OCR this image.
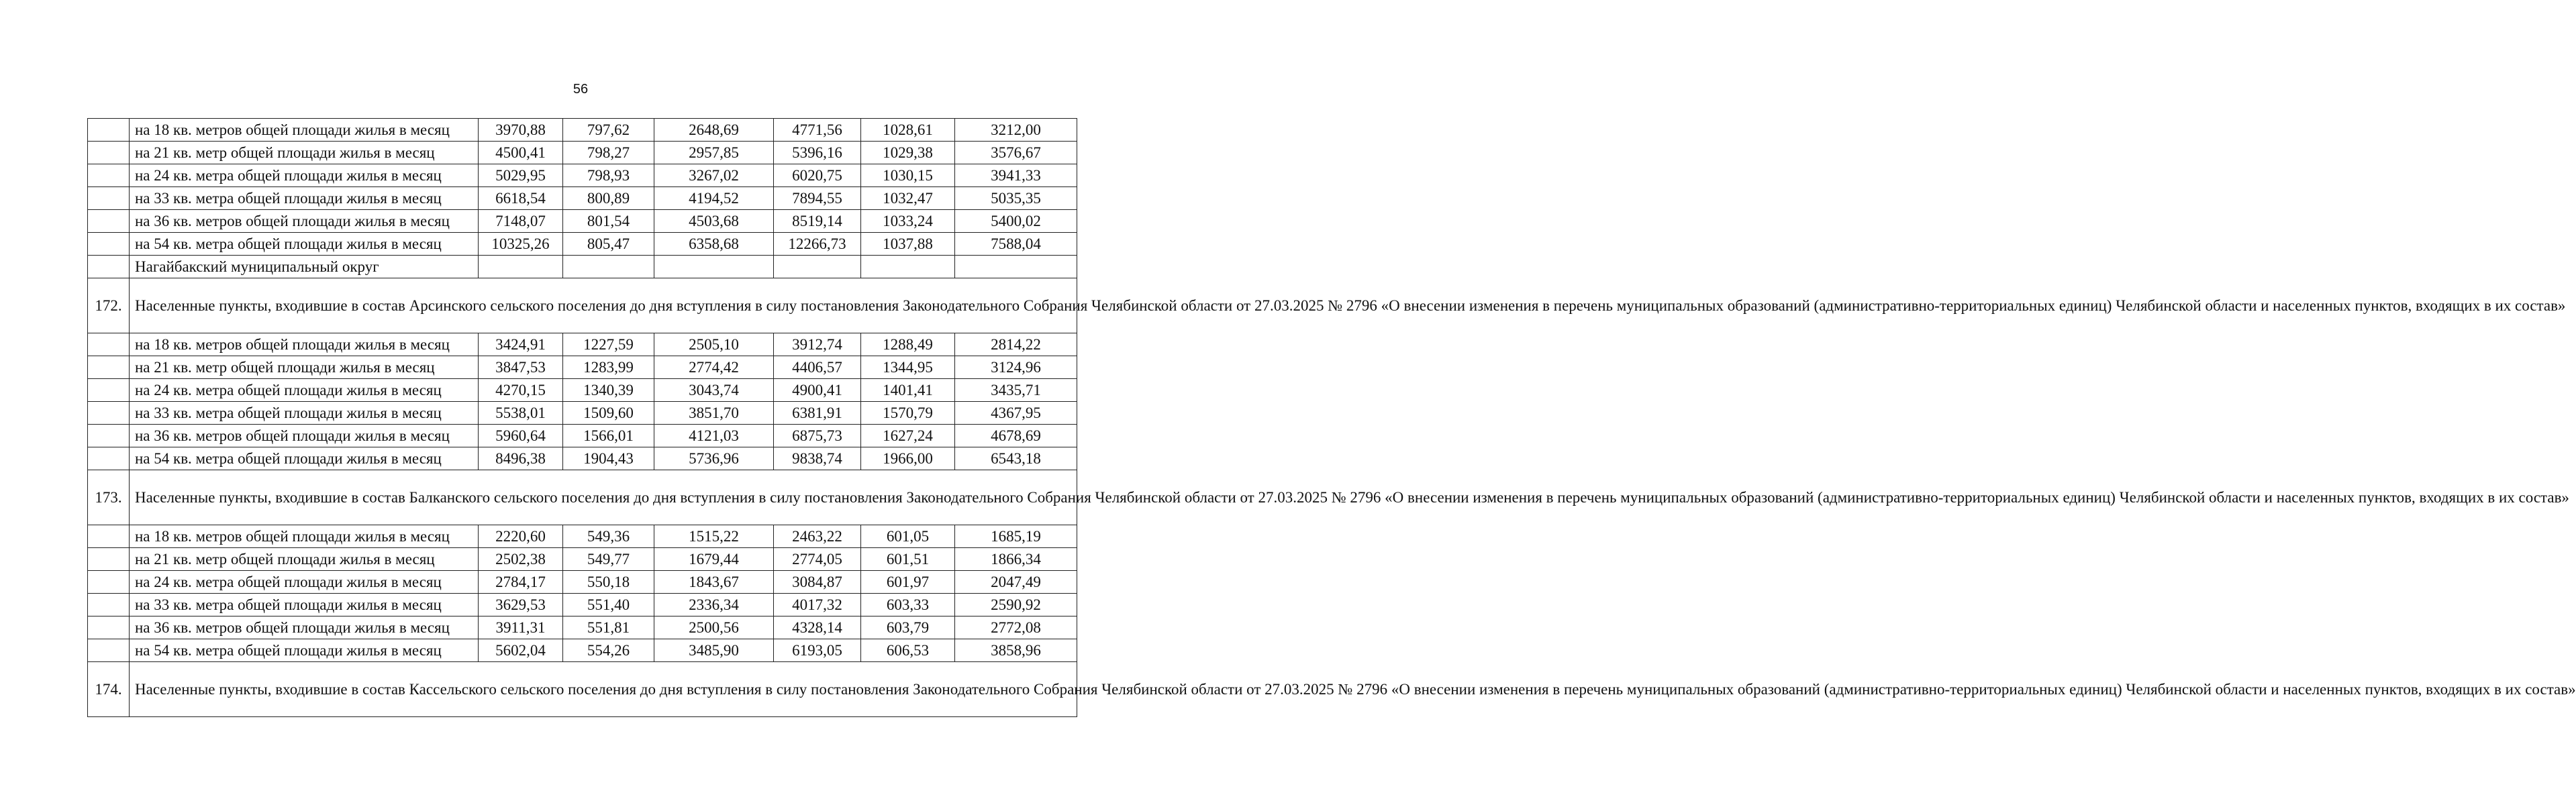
56
	на 18 кв. метров общей площади жилья в месяц	3970,88	797,62	2648,69	4771,56	1028,61	3212,00
	на 21 кв. метр общей площади жилья в месяц	4500,41	798,27	2957,85	5396,16	1029,38	3576,67
	на 24 кв. метра общей площади жилья в месяц	5029,95	798,93	3267,02	6020,75	1030,15	3941,33
	на 33 кв. метра общей площади жилья в месяц	6618,54	800,89	4194,52	7894,55	1032,47	5035,35
	на 36 кв. метров общей площади жилья в месяц	7148,07	801,54	4503,68	8519,14	1033,24	5400,02
	на 54 кв. метра общей площади жилья в месяц	10325,26	805,47	6358,68	12266,73	1037,88	7588,04
	Нагайбакский муниципальный округ						
172.	Населенные пункты, входившие в состав Арсинского сельского поселения до дня вступления в силу постановления Законодательного Собрания Челябинской области от 27.03.2025 № 2796 «О внесении изменения в перечень муниципальных образований (административно-территориальных единиц) Челябинской области и населенных пунктов, входящих в их состав»						
	на 18 кв. метров общей площади жилья в месяц	3424,91	1227,59	2505,10	3912,74	1288,49	2814,22
	на 21 кв. метр общей площади жилья в месяц	3847,53	1283,99	2774,42	4406,57	1344,95	3124,96
	на 24 кв. метра общей площади жилья в месяц	4270,15	1340,39	3043,74	4900,41	1401,41	3435,71
	на 33 кв. метра общей площади жилья в месяц	5538,01	1509,60	3851,70	6381,91	1570,79	4367,95
	на 36 кв. метров общей площади жилья в месяц	5960,64	1566,01	4121,03	6875,73	1627,24	4678,69
	на 54 кв. метра общей площади жилья в месяц	8496,38	1904,43	5736,96	9838,74	1966,00	6543,18
173.	Населенные пункты, входившие в состав Балканского сельского поселения до дня вступления в силу постановления Законодательного Собрания Челябинской области от 27.03.2025 № 2796 «О внесении изменения в перечень муниципальных образований (административно-территориальных единиц) Челябинской области и населенных пунктов, входящих в их состав»						
	на 18 кв. метров общей площади жилья в месяц	2220,60	549,36	1515,22	2463,22	601,05	1685,19
	на 21 кв. метр общей площади жилья в месяц	2502,38	549,77	1679,44	2774,05	601,51	1866,34
	на 24 кв. метра общей площади жилья в месяц	2784,17	550,18	1843,67	3084,87	601,97	2047,49
	на 33 кв. метра общей площади жилья в месяц	3629,53	551,40	2336,34	4017,32	603,33	2590,92
	на 36 кв. метров общей площади жилья в месяц	3911,31	551,81	2500,56	4328,14	603,79	2772,08
	на 54 кв. метра общей площади жилья в месяц	5602,04	554,26	3485,90	6193,05	606,53	3858,96
174.	Населенные пункты, входившие в состав Кассельского сельского поселения до дня вступления в силу постановления Законодательного Собрания Челябинской области от 27.03.2025 № 2796 «О внесении изменения в перечень муниципальных образований (административно-территориальных единиц) Челябинской области и населенных пунктов, входящих в их состав»						
